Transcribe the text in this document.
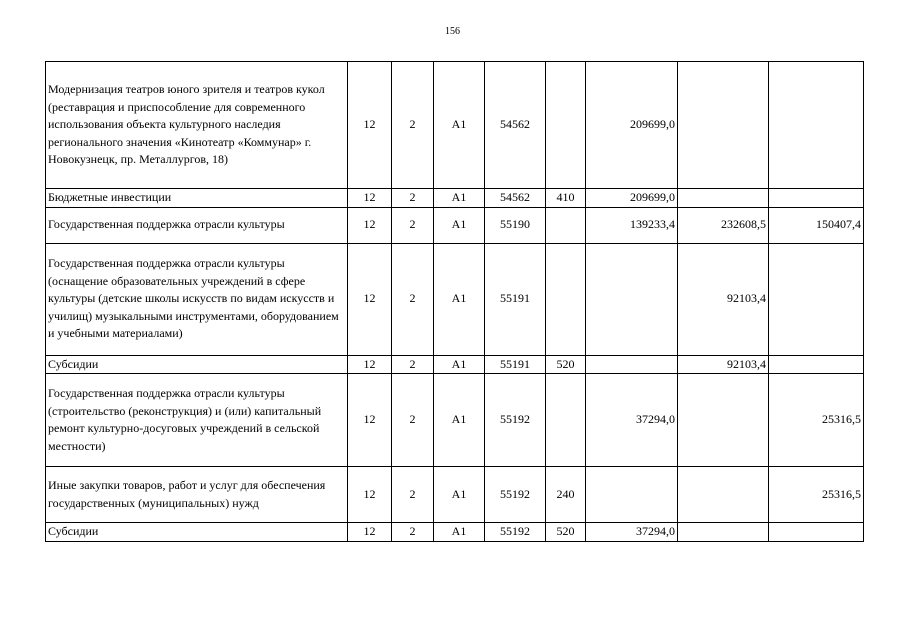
156
Модернизация театров юного зрителя и театров кукол (реставрация и приспособление для современного использования объекта культурного наследия регионального значения «Кинотеатр «Коммунар» г. Новокузнецк, пр. Металлургов, 18)	12	2	A1	54562		209699,0		
Бюджетные инвестиции	12	2	A1	54562	410	209699,0		
Государственная поддержка отрасли культуры	12	2	A1	55190		139233,4	232608,5	150407,4
Государственная поддержка отрасли культуры (оснащение образовательных учреждений в сфере культуры (детские школы искусств по видам искусств и училищ) музыкальными инструментами, оборудованием и учебными материалами)	12	2	A1	55191			92103,4	
Субсидии	12	2	A1	55191	520		92103,4	
Государственная поддержка отрасли культуры (строительство (реконструкция) и (или) капитальный ремонт культурно-досуговых учреждений в сельской местности)	12	2	A1	55192		37294,0		25316,5
Иные закупки товаров, работ и услуг для обеспечения государственных (муниципальных) нужд	12	2	A1	55192	240			25316,5
Субсидии	12	2	A1	55192	520	37294,0		
